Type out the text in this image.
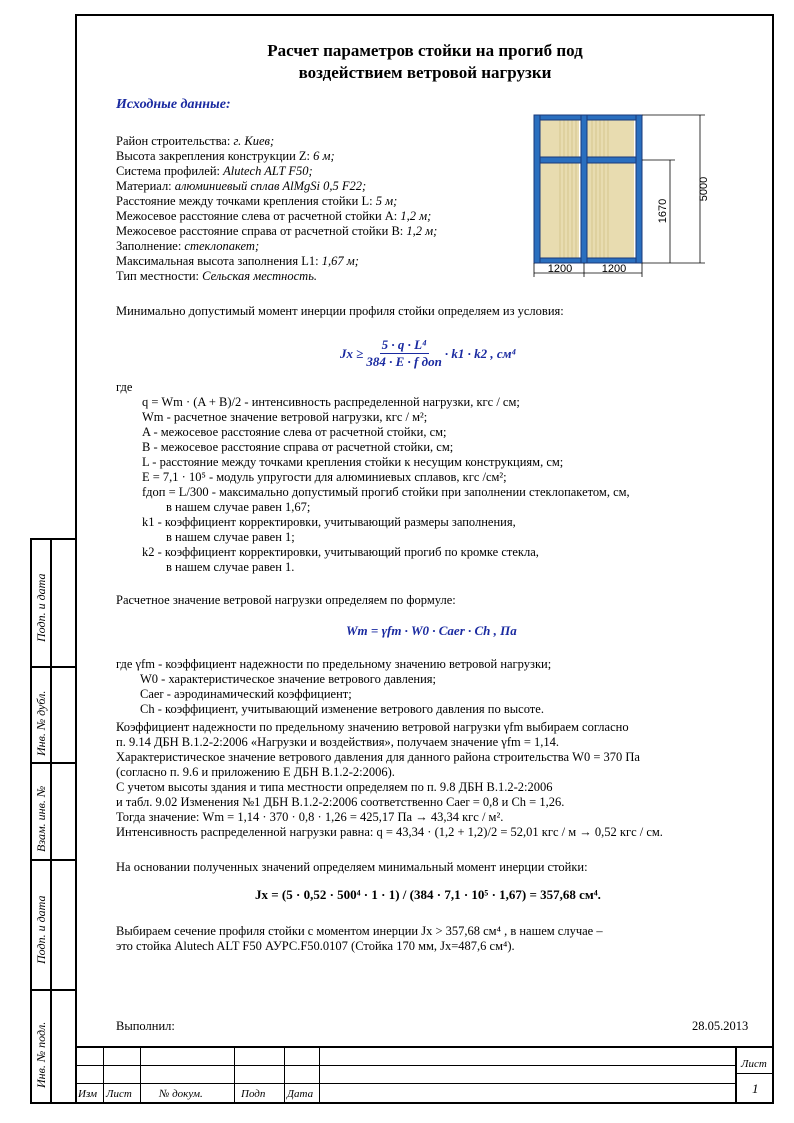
Подп. и дата
Инв. № дубл.
Взам. инв. №
Подп. и дата
Инв. № подл.
Расчет параметров стойки на прогиб под
воздействием ветровой нагрузки
Исходные данные:
Район строительства: г. Киев;
Высота закрепления конструкции Z: 6 м;
Система профилей: Alutech ALT F50;
Материал: алюминиевый сплав AlMgSi 0,5 F22;
Расстояние между точками крепления стойки L: 5 м;
Межосевое расстояние слева от расчетной стойки A: 1,2 м;
Межосевое расстояние справа от расчетной стойки B: 1,2 м;
Заполнение: стеклопакет;
Максимальная высота заполнения L1: 1,67 м;
Тип местности: Сельская местность.
5000
1670
1200	1200
Минимально допустимый момент инерции профиля стойки определяем из условия:
Jx ≥
5 · q · L⁴
384 · E · f доп
· k1 · k2 , см⁴
где
q = Wm · (A + B)/2 - интенсивность распределенной нагрузки, кгс / см;
Wm - расчетное значение ветровой нагрузки, кгс / м²;
A - межосевое расстояние слева от расчетной стойки, см;
B - межосевое расстояние справа от расчетной стойки, см;
L - расстояние между точками крепления стойки к несущим конструкциям, см;
E = 7,1 · 10⁵ - модуль упругости для алюминиевых сплавов, кгс /см²;
fдоп = L/300 - максимально допустимый прогиб стойки при заполнении стеклопакетом, см,
в нашем случае равен 1,67;
k1 - коэффициент корректировки, учитывающий размеры заполнения,
в нашем случае равен 1;
k2 - коэффициент корректировки, учитывающий прогиб по кромке стекла,
в нашем случае равен 1.
Расчетное значение ветровой нагрузки определяем по формуле:
Wm = γfm · W0 · Caer · Ch , Па
где γfm - коэффициент надежности по предельному значению ветровой нагрузки;
W0 - характеристическое значение ветрового давления;
Caer - аэродинамический коэффициент;
Ch - коэффициент, учитывающий изменение ветрового давления по высоте.
Коэффициент надежности по предельному значению ветровой нагрузки γfm выбираем согласно
п. 9.14 ДБН В.1.2-2:2006 «Нагрузки и воздействия», получаем значение γfm = 1,14.
Характеристическое значение ветрового давления для данного района строительства W0 = 370 Па
(согласно п. 9.6 и приложению Е ДБН В.1.2-2:2006).
С учетом высоты здания и типа местности определяем по п. 9.8 ДБН В.1.2-2:2006
и табл. 9.02 Изменения №1 ДБН В.1.2-2:2006 соответственно Caer = 0,8 и Ch = 1,26.
Тогда значение: Wm = 1,14 · 370 · 0,8 · 1,26 = 425,17 Па → 43,34 кгс / м².
Интенсивность распределенной нагрузки равна: q = 43,34 · (1,2 + 1,2)/2 = 52,01 кгс / м → 0,52 кгс / см.
На основании полученных значений определяем минимальный момент инерции стойки:
Jx = (5 · 0,52 · 500⁴ · 1 · 1) / (384 · 7,1 · 10⁵ · 1,67) = 357,68 см⁴.
Выбираем сечение профиля стойки с моментом инерции Jx > 357,68 см⁴ , в нашем случае –
это стойка Alutech ALT F50 АУРС.F50.0107 (Стойка 170 мм, Jx=487,6 см⁴).
Выполнил:	28.05.2013
Изм Лист № докум.	Подп Дата
Лист
1
